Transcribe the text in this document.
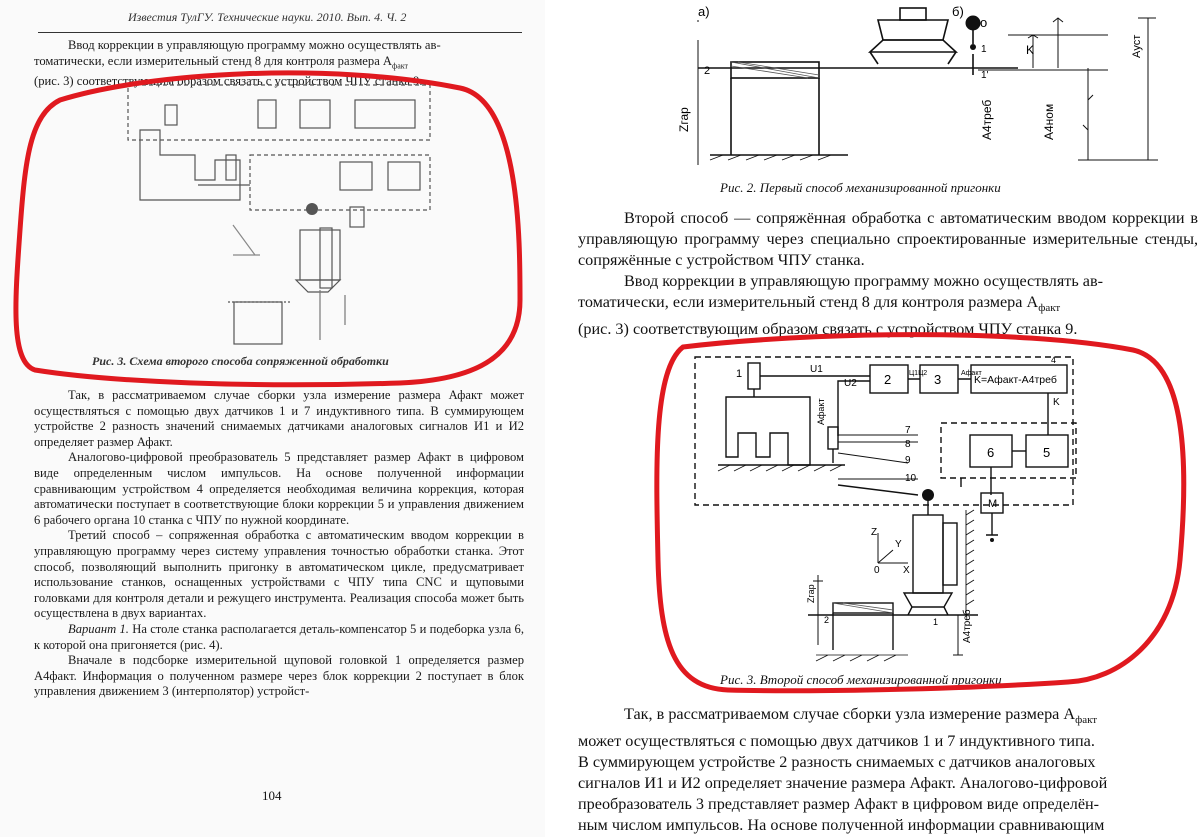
Известия ТулГУ. Технические науки. 2010. Вып. 4. Ч. 2
Ввод коррекции в управляющую программу можно осуществлять ав-
томатически, если измерительный стенд 8 для контроля размера $А_{факт}$
(рис. 3) соответствующим образом связать с устройством ЧПУ станка 9.
Рис. 3. Схема второго способа сопряженной обработки

Так, в рассматриваемом случае сборки узла измерение размера Афакт может осуществляться с помощью двух датчиков 1 и 7 индуктивного типа. В суммирующем устройстве 2 разность значений снимаемых датчиками аналоговых сигналов И1 и И2 определяет размер Афакт.

Аналогово-цифровой преобразователь 5 представляет размер Афакт в цифровом виде определенным числом импульсов. На основе полученной информации сравнивающим устройством 4 определяется необходимая величина коррекция, которая автоматически поступает в соответствующие блоки коррекции 5 и управления движением 6 рабочего органа 10 станка с ЧПУ по нужной координате.

Третий способ – сопряженная обработка с автоматическим вводом коррекции в управляющую программу через систему управления точностью обработки станка. Этот способ, позволяющий выполнить пригонку в автоматическом цикле, предусматривает использование станков, оснащенных устройствами с ЧПУ типа CNC и щуповыми головками для контроля детали и режущего инструмента. Реализация способа может быть осуществлена в двух вариантах.

Вариант 1. На столе станка располагается деталь-компенсатор 5 и подеборка узла 6, к которой она пригоняется (рис. 4).

Вначале в подсборке измерительной щуповой головкой 1 определяется размер A4факт. Информация о полученном размере через блок коррекции 2 поступает в блок управления движением 3 (интерполятор) устройст-

104
а)	б)
o
2
Zгар	A4треб	A4ном
K	Aуст
1
1'
Рис. 2. Первый способ механизированной пригонки

Второй способ — сопряжённая обработка с автоматическим вводом коррекции в управляющую программу через специально спроектированные измерительные стенды, сопряжённые с устройством ЧПУ станка.

Ввод коррекции в управляющую программу можно осуществлять ав-
томатически, если измерительный стенд 8 для контроля размера $А_{факт}$
(рис. 3) соответствующим образом связать с устройством ЧПУ станка 9.
1	2	3
4
5
6
M
K=Aфакт-A4треб
U1
U2
Ц1Ц2	Aфакт
K
7
8
9
10
Aфакт
Z
Y
0 X
Zгар
A4треб
2	1
Рис. 3. Второй способ механизированной пригонки
Так, в рассматриваемом случае сборки узла измерение размера $А_{факт}$
может осуществляться с помощью двух датчиков 1 и 7 индуктивного типа.
В суммирующем устройстве 2 разность снимаемых с датчиков аналоговых
сигналов И1 и И2 определяет значение размера Афакт. Аналогово-цифровой
преобразователь 3 представляет размер Афакт в цифровом виде определён-
ным числом импульсов. На основе полученной информации сравнивающим
